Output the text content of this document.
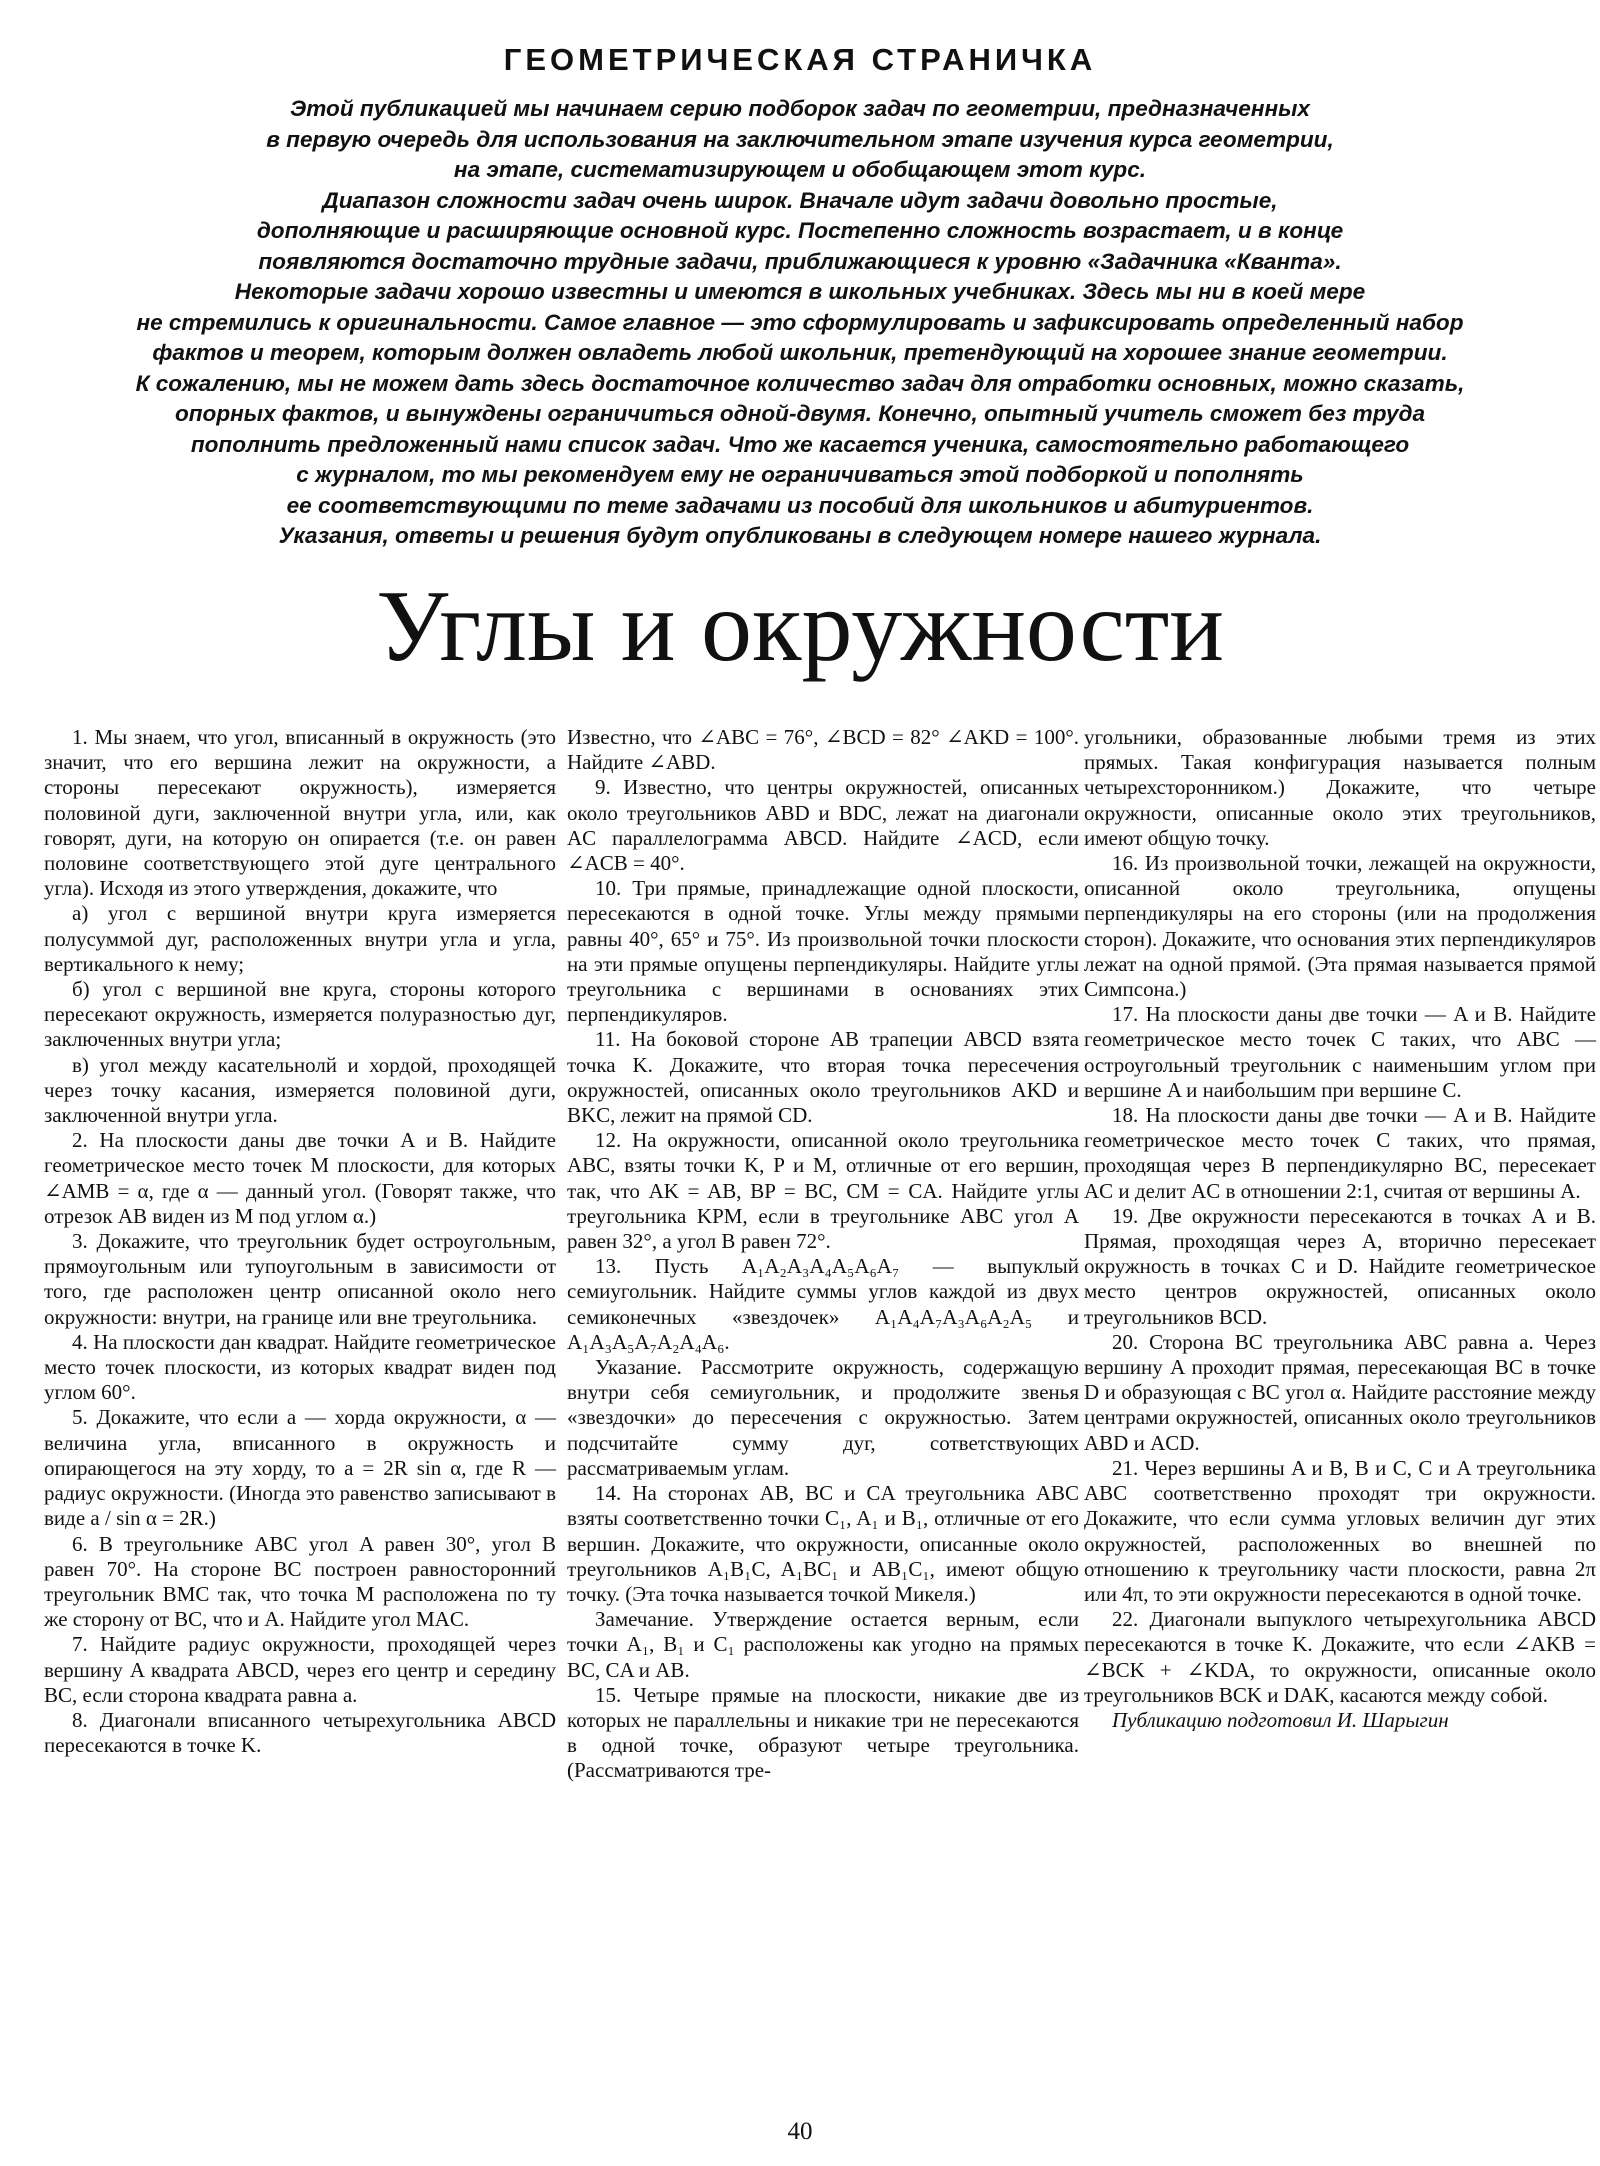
ГЕОМЕТРИЧЕСКАЯ СТРАНИЧКА

Этой публикацией мы начинаем серию подборок задач по геометрии, предназначенных

в первую очередь для использования на заключительном этапе изучения курса геометрии,

на этапе, систематизирующем и обобщающем этот курс.

Диапазон сложности задач очень широк. Вначале идут задачи довольно простые,

дополняющие и расширяющие основной курс. Постепенно сложность возрастает, и в конце

появляются достаточно трудные задачи, приближающиеся к уровню «Задачника «Кванта».

Некоторые задачи хорошо известны и имеются в школьных учебниках. Здесь мы ни в коей мере

не стремились к оригинальности. Самое главное — это сформулировать и зафиксировать определенный набор

фактов и теорем, которым должен овладеть любой школьник, претендующий на хорошее знание геометрии.

К сожалению, мы не можем дать здесь достаточное количество задач для отработки основных, можно сказать,

опорных фактов, и вынуждены ограничиться одной-двумя. Конечно, опытный учитель сможет без труда

пополнить предложенный нами список задач. Что же касается ученика, самостоятельно работающего

с журналом, то мы рекомендуем ему не ограничиваться этой подборкой и пополнять

ее соответствующими по теме задачами из пособий для школьников и абитуриентов.

Указания, ответы и решения будут опубликованы в следующем номере нашего журнала.

Углы и окружности

1. Мы знаем, что угол, вписанный в окружность (это значит, что его вершина лежит на окружности, а стороны пересекают окружность), измеряется половиной дуги, заключенной внутри угла, или, как говорят, дуги, на которую он опирается (т.е. он равен половине соответствующего этой дуге центрального угла). Исходя из этого утверждения, докажите, что

а) угол с вершиной внутри круга измеряется полусуммой дуг, расположенных внутри угла и угла, вертикального к нему;

б) угол с вершиной вне круга, стороны которого пересекают окружность, измеряется полуразностью дуг, заключенных внутри угла;

в) угол между касательнолй и хордой, проходящей через точку касания, измеряется половиной дуги, заключенной внутри угла.

2. На плоскости даны две точки A и B. Найдите геометрическое место точек M плоскости, для которых ∠AMB = α, где α — данный угол. (Говорят также, что отрезок AB виден из M под углом α.)

3. Докажите, что треугольник будет остроугольным, прямоугольным или тупоугольным в зависимости от того, где расположен центр описанной около него окружности: внутри, на границе или вне треугольника.

4. На плоскости дан квадрат. Найдите геометрическое место точек плоскости, из которых квадрат виден под углом 60°.

5. Докажите, что если a — хорда окружности, α — величина угла, вписанного в окружность и опирающегося на эту хорду, то a = 2R sin α, где R — радиус окружности. (Иногда это равенство записывают в виде a / sin α = 2R.)

6. В треугольнике ABC угол A равен 30°, угол B равен 70°. На стороне BC построен равносторонний треугольник BMC так, что точка M расположена по ту же сторону от BC, что и A. Найдите угол MAC.

7. Найдите радиус окружности, проходящей через вершину A квадрата ABCD, через его центр и середину BC, если сторона квадрата равна a.

8. Диагонали вписанного четырехугольника ABCD пересекаются в точке K.

Известно, что ∠ABC = 76°, ∠BCD = 82° ∠AKD = 100°. Найдите ∠ABD.

9. Известно, что центры окружностей, описанных около треугольников ABD и BDC, лежат на диагонали AC параллелограмма ABCD. Найдите ∠ACD, если ∠ACB = 40°.

10. Три прямые, принадлежащие одной плоскости, пересекаются в одной точке. Углы между прямыми равны 40°, 65° и 75°. Из произвольной точки плоскости на эти прямые опущены перпендикуляры. Найдите углы треугольника с вершинами в основаниях этих перпендикуляров.

11. На боковой стороне AB трапеции ABCD взята точка K. Докажите, что вторая точка пересечения окружностей, описанных около треугольников AKD и BKC, лежит на прямой CD.

12. На окружности, описанной около треугольника ABC, взяты точки K, P и M, отличные от его вершин, так, что AK = AB, BP = BC, CM = CA. Найдите углы треугольника KPM, если в треугольнике ABC угол A равен 32°, а угол B равен 72°.

13. Пусть A₁A₂A₃A₄A₅A₆A₇ — выпуклый семиугольник. Найдите суммы углов каждой из двух семиконечных «звездочек» A₁A₄A₇A₃A₆A₂A₅ и A₁A₃A₅A₇A₂A₄A₆.

Указание. Рассмотрите окружность, содержащую внутри себя семиугольник, и продолжите звенья «звездочки» до пересечения с окружностью. Затем подсчитайте сумму дуг, сответствующих рассматриваемым углам.

14. На сторонах AB, BC и CA треугольника ABC взяты соответственно точки C₁, A₁ и B₁, отличные от его вершин. Докажите, что окружности, описанные около треугольников A₁B₁C, A₁BC₁ и AB₁C₁, имеют общую точку. (Эта точка называется точкой Микеля.)

Замечание. Утверждение остается верным, если точки A₁, B₁ и C₁ расположены как угодно на прямых BC, CA и AB.

15. Четыре прямые на плоскости, никакие две из которых не параллельны и никакие три не пересекаются в одной точке, образуют четыре треугольника. (Рассматриваются тре-

угольники, образованные любыми тремя из этих прямых. Такая конфигурация называется полным четырехсторонником.) Докажите, что четыре окружности, описанные около этих треугольников, имеют общую точку.

16. Из произвольной точки, лежащей на окружности, описанной около треугольника, опущены перпендикуляры на его стороны (или на продолжения сторон). Докажите, что основания этих перпендикуляров лежат на одной прямой. (Эта прямая называется прямой Симпсона.)

17. На плоскости даны две точки — A и B. Найдите геометрическое место точек C таких, что ABC — остроугольный треугольник с наименьшим углом при вершине A и наибольшим при вершине C.

18. На плоскости даны две точки — A и B. Найдите геометрическое место точек C таких, что прямая, проходящая через B перпендикулярно BC, пересекает AC и делит AC в отношении 2:1, считая от вершины A.

19. Две окружности пересекаются в точках A и B. Прямая, проходящая через A, вторично пересекает окружность в точках C и D. Найдите геометрическое место центров окружностей, описанных около треугольников BCD.

20. Сторона BC треугольника ABC равна a. Через вершину A проходит прямая, пересекающая BC в точке D и образующая с BC угол α. Найдите расстояние между центрами окружностей, описанных около треугольников ABD и ACD.

21. Через вершины A и B, B и C, C и A треугольника ABC соответственно проходят три окружности. Докажите, что если сумма угловых величин дуг этих окружностей, расположенных во внешней по отношению к треугольнику части плоскости, равна 2π или 4π, то эти окружности пересекаются в одной точке.

22. Диагонали выпуклого четырехугольника ABCD пересекаются в точке K. Докажите, что если ∠AKB = ∠BCK + ∠KDA, то окружности, описанные около треугольников BCK и DAK, касаются между собой.

Публикацию подготовил И. Шарыгин

40
